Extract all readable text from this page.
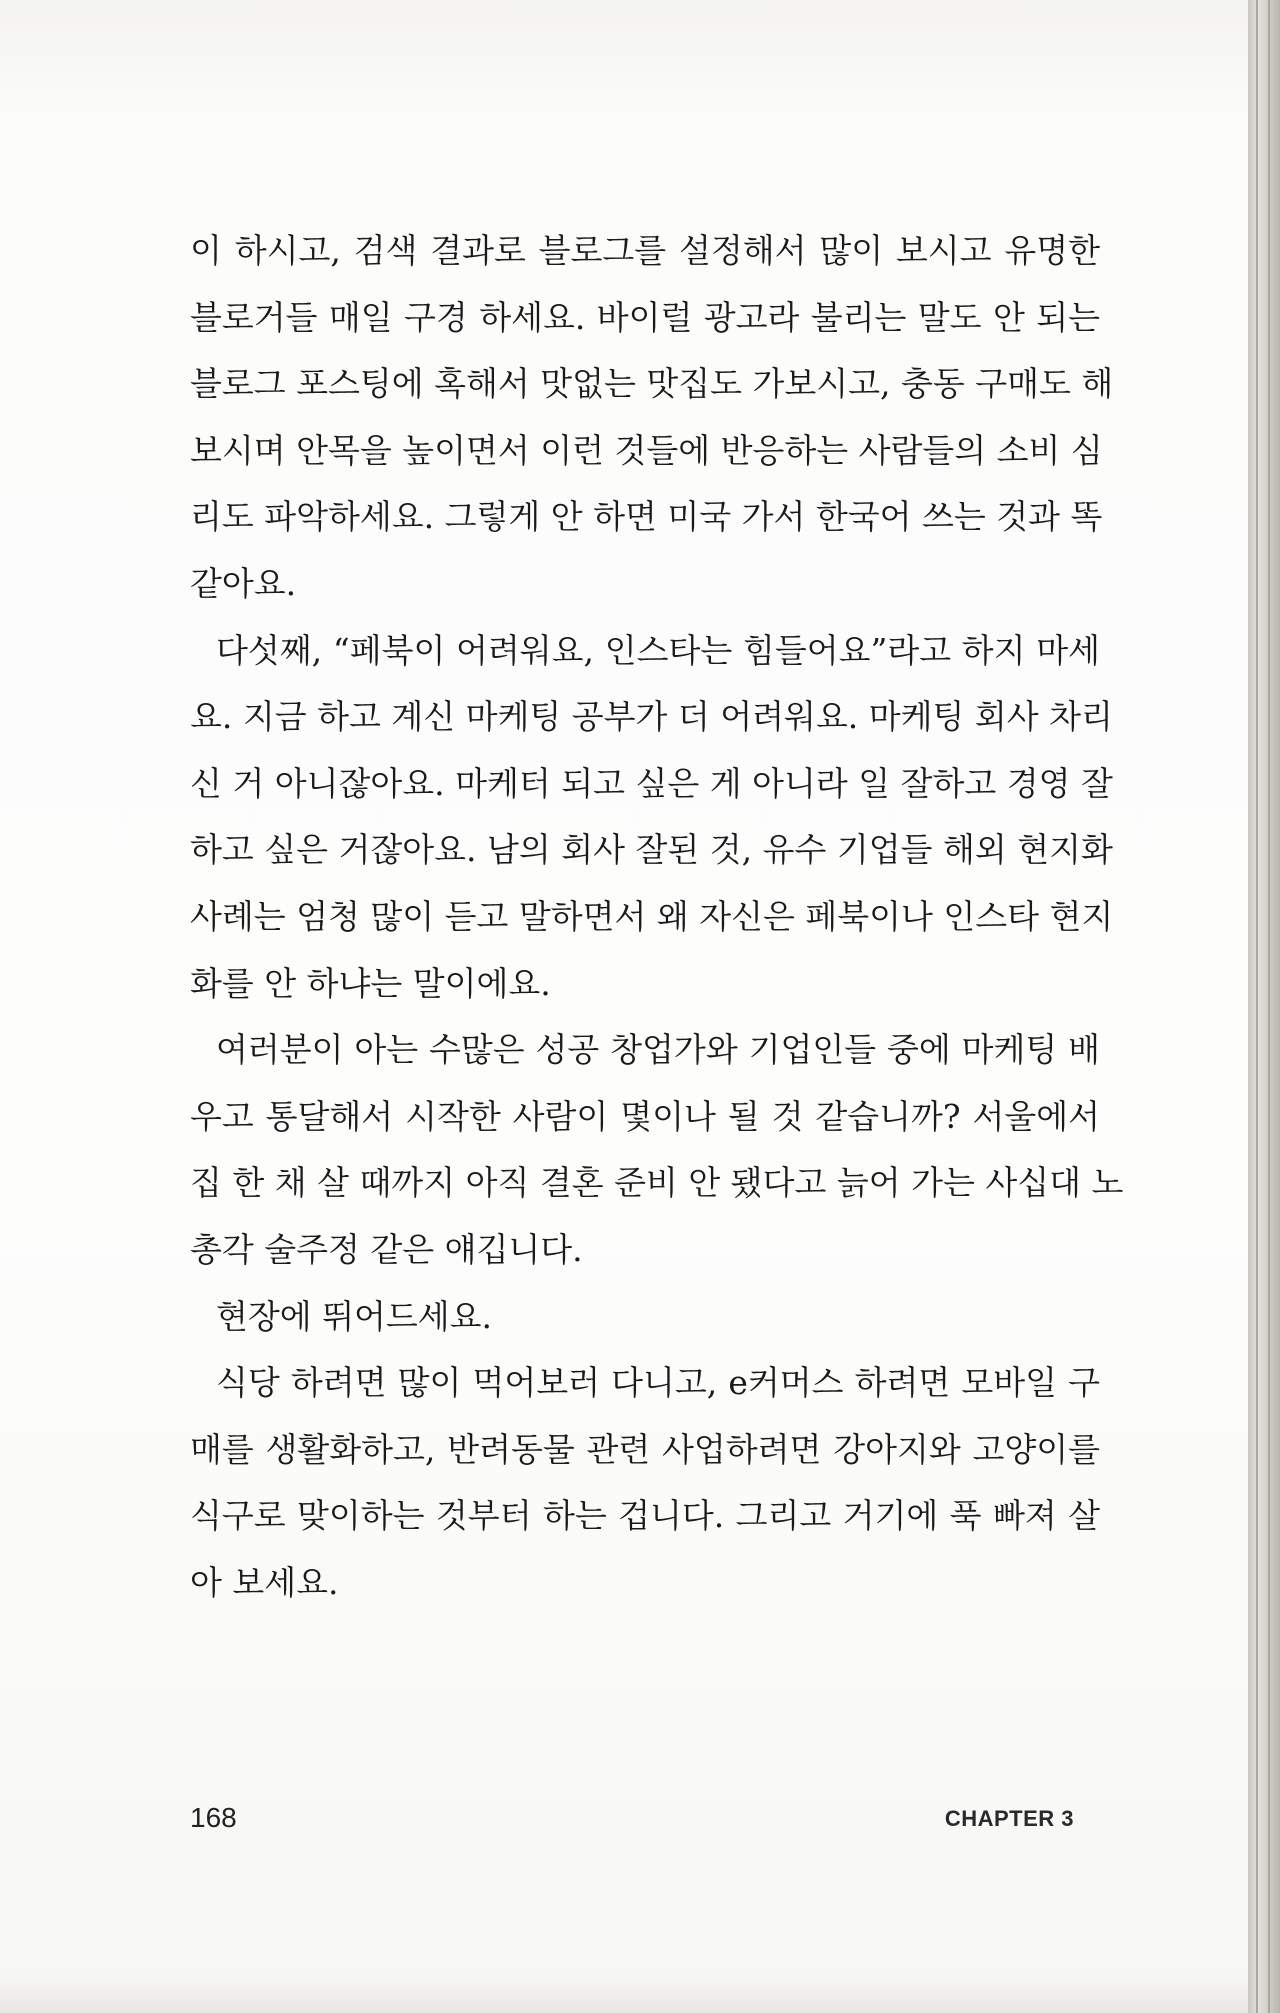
이 하시고, 검색 결과로 블로그를 설정해서 많이 보시고 유명한
블로거들 매일 구경 하세요. 바이럴 광고라 불리는 말도 안 되는
블로그 포스팅에 혹해서 맛없는 맛집도 가보시고, 충동 구매도 해
보시며 안목을 높이면서 이런 것들에 반응하는 사람들의 소비 심
리도 파악하세요. 그렇게 안 하면 미국 가서 한국어 쓰는 것과 똑
같아요.
다섯째, “페북이 어려워요, 인스타는 힘들어요”라고 하지 마세
요. 지금 하고 계신 마케팅 공부가 더 어려워요. 마케팅 회사 차리
신 거 아니잖아요. 마케터 되고 싶은 게 아니라 일 잘하고 경영 잘
하고 싶은 거잖아요. 남의 회사 잘된 것, 유수 기업들 해외 현지화
사례는 엄청 많이 듣고 말하면서 왜 자신은 페북이나 인스타 현지
화를 안 하냐는 말이에요.
여러분이 아는 수많은 성공 창업가와 기업인들 중에 마케팅 배
우고 통달해서 시작한 사람이 몇이나 될 것 같습니까? 서울에서
집 한 채 살 때까지 아직 결혼 준비 안 됐다고 늙어 가는 사십대 노
총각 술주정 같은 얘깁니다.
현장에 뛰어드세요.
식당 하려면 많이 먹어보러 다니고, e커머스 하려면 모바일 구
매를 생활화하고, 반려동물 관련 사업하려면 강아지와 고양이를
식구로 맞이하는 것부터 하는 겁니다. 그리고 거기에 푹 빠져 살
아 보세요.
168	CHAPTER 3
